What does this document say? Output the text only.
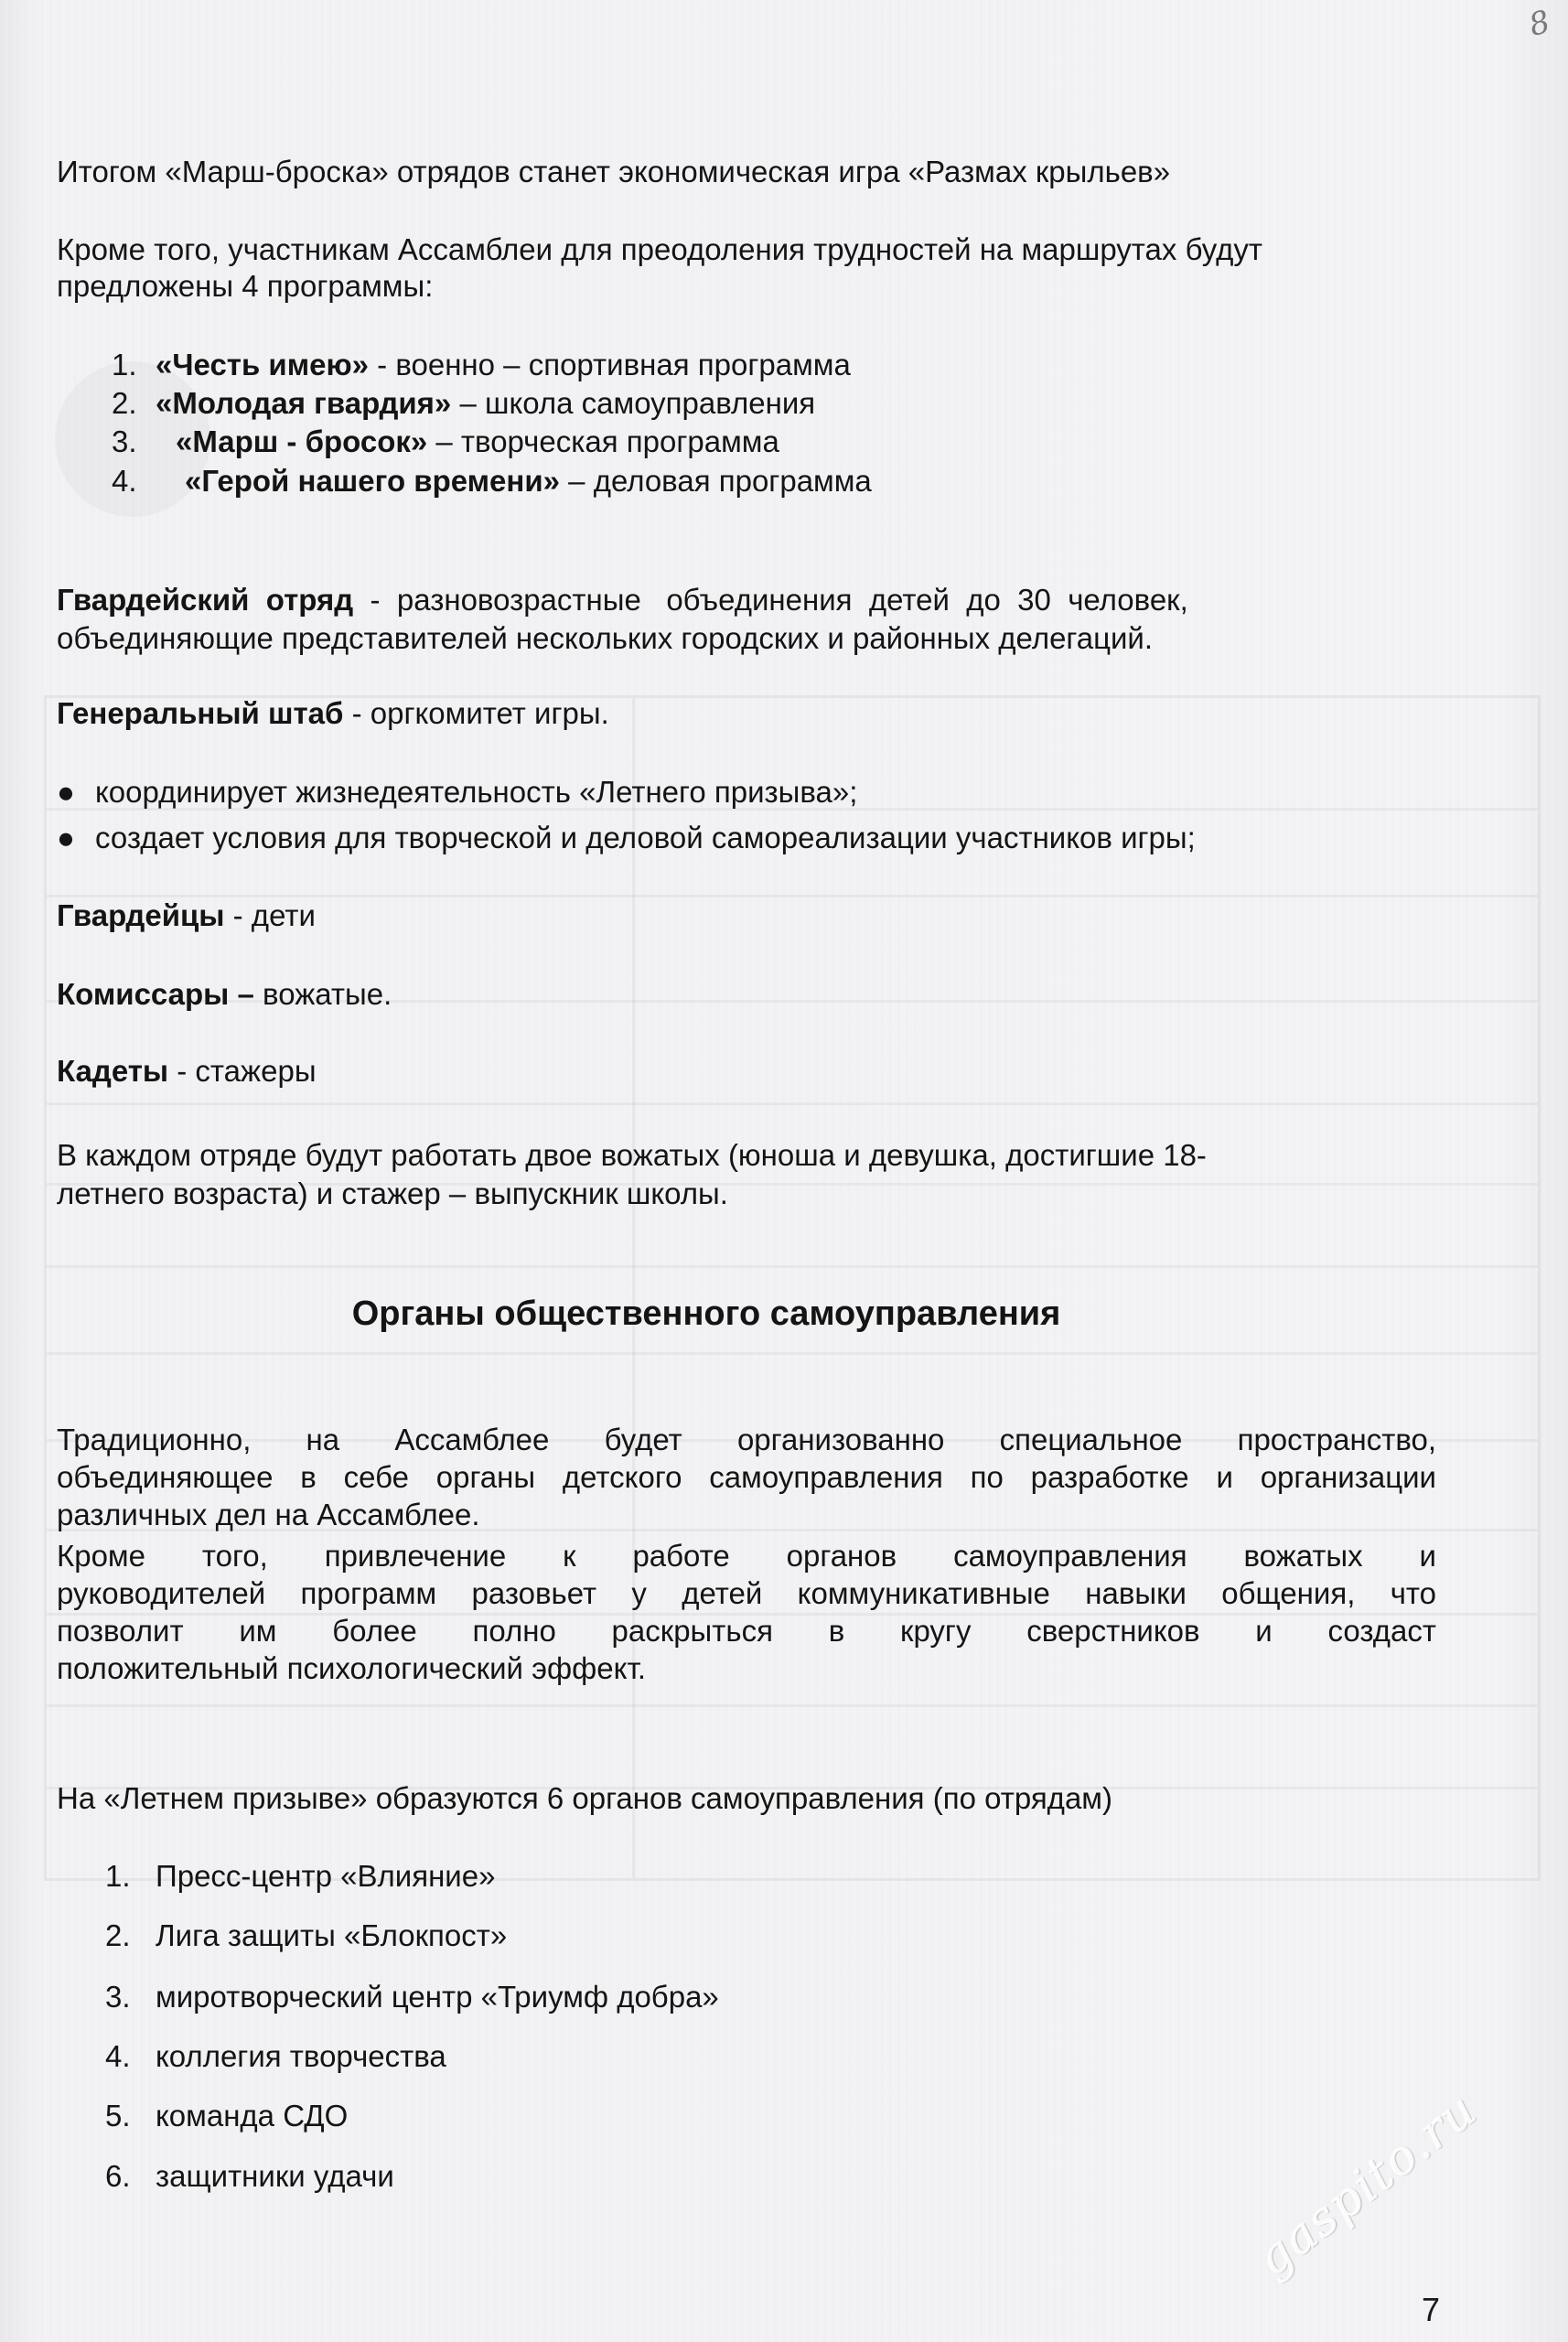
8
Итогом «Марш-броска» отрядов станет экономическая игра «Размах крыльев»
Кроме того, участникам Ассамблеи для преодоления трудностей на маршрутах будут
предложены 4 программы:
1. «Честь имею» - военно – спортивная программа
2. «Молодая гвардия» – школа самоуправления
3. «Марш - бросок» – творческая программа
4. «Герой нашего времени» – деловая программа
Гвардейский  отряд  -  разновозрастные   объединения  детей  до  30  человек,
объединяющие представителей нескольких городских и районных делегаций.
Генеральный штаб - оргкомитет игры.
● координирует жизнедеятельность «Летнего призыва»;
● создает условия для творческой и деловой самореализации участников игры;
Гвардейцы - дети
Комиссары – вожатые.
Кадеты - стажеры
В каждом отряде будут работать двое вожатых (юноша и девушка, достигшие 18-
летнего возраста) и стажер – выпускник школы.
Органы общественного самоуправления
Традиционно, на Ассамблее будет организованно специальное пространство,
объединяющее в себе органы детского самоуправления по разработке и организации
различных дел на Ассамблее.
Кроме того, привлечение к работе органов самоуправления вожатых и
руководителей программ разовьет у детей коммуникативные навыки общения, что
позволит им более полно раскрыться в кругу сверстников и создаст
положительный психологический эффект.
На «Летнем призыве» образуются 6 органов самоуправления (по отрядам)
1. Пресс-центр «Влияние»
2. Лига защиты «Блокпост»
3. миротворческий центр «Триумф добра»
4. коллегия творчества
5. команда СДО
6. защитники удачи	gaspito.ru
7
